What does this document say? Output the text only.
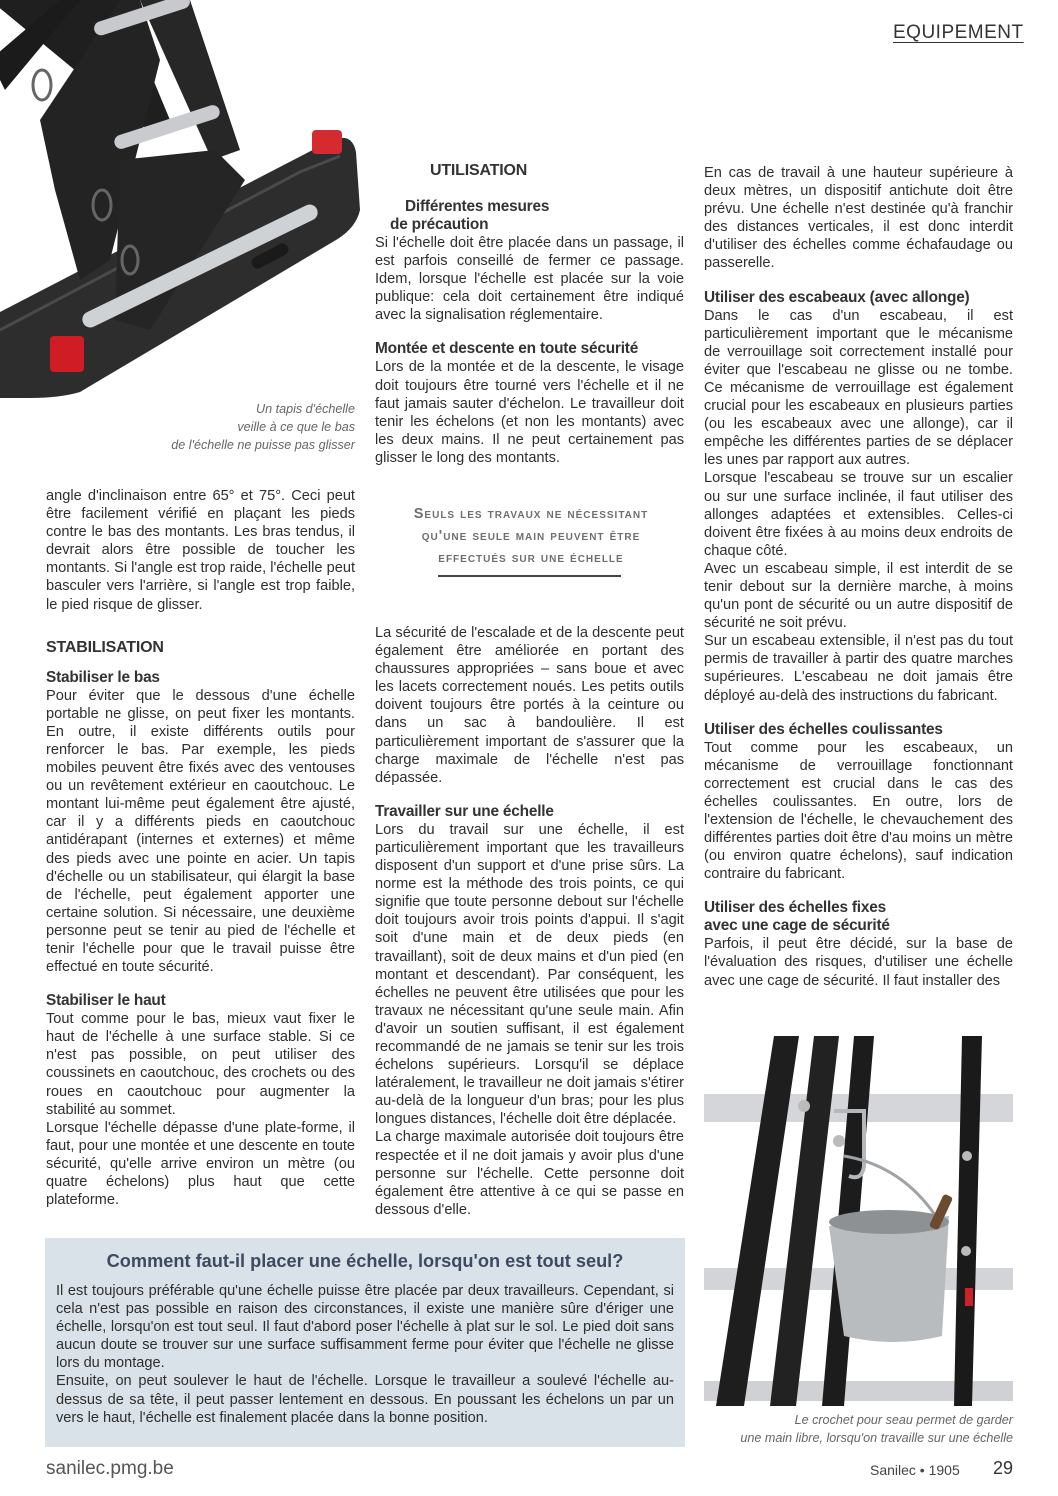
EQUIPEMENT
Un tapis d'échelle
veille à ce que le bas
de l'échelle ne puisse pas glisser

angle d'inclinaison entre 65° et 75°. Ceci peut être facilement vérifié en plaçant les pieds contre le bas des montants. Les bras tendus, il devrait alors être possible de toucher les montants. Si l'angle est trop raide, l'échelle peut basculer vers l'arrière, si l'angle est trop faible, le pied risque de glisser.

STABILISATION
Stabiliser le bas

Pour éviter que le dessous d'une échelle portable ne glisse, on peut fixer les montants. En outre, il existe différents outils pour renforcer le bas. Par exemple, les pieds mobiles peuvent être fixés avec des ventouses ou un revêtement extérieur en caoutchouc. Le montant lui-même peut également être ajusté, car il y a différents pieds en caoutchouc antidérapant (internes et externes) et même des pieds avec une pointe en acier. Un tapis d'échelle ou un stabilisateur, qui élargit la base de l'échelle, peut également apporter une certaine solution. Si nécessaire, une deuxième personne peut se tenir au pied de l'échelle et tenir l'échelle pour que le travail puisse être effectué en toute sécurité.

Stabiliser le haut

Tout comme pour le bas, mieux vaut fixer le haut de l'échelle à une surface stable. Si ce n'est pas possible, on peut utiliser des coussinets en caoutchouc, des crochets ou des roues en caoutchouc pour augmenter la stabilité au sommet.

Lorsque l'échelle dépasse d'une plate-forme, il faut, pour une montée et une descente en toute sécurité, qu'elle arrive environ un mètre (ou quatre échelons) plus haut que cette plateforme.

UTILISATION
Différentes mesures
de précaution

Si l'échelle doit être placée dans un passage, il est parfois conseillé de fermer ce passage. Idem, lorsque l'échelle est placée sur la voie publique: cela doit certainement être indiqué avec la signalisation réglementaire.

Montée et descente en toute sécurité

Lors de la montée et de la descente, le visage doit toujours être tourné vers l'échelle et il ne faut jamais sauter d'échelon. Le travailleur doit tenir les échelons (et non les montants) avec les deux mains. Il ne peut certainement pas glisser le long des montants.

Seuls les travaux ne nécessitant
qu'une seule main peuvent être
effectués sur une échelle

La sécurité de l'escalade et de la descente peut également être améliorée en portant des chaussures appropriées – sans boue et avec les lacets correctement noués. Les petits outils doivent toujours être portés à la ceinture ou dans un sac à bandoulière. Il est particulièrement important de s'assurer que la charge maximale de l'échelle n'est pas dépassée.

Travailler sur une échelle

Lors du travail sur une échelle, il est particulièrement important que les travailleurs disposent d'un support et d'une prise sûrs. La norme est la méthode des trois points, ce qui signifie que toute personne debout sur l'échelle doit toujours avoir trois points d'appui. Il s'agit soit d'une main et de deux pieds (en travaillant), soit de deux mains et d'un pied (en montant et descendant). Par conséquent, les échelles ne peuvent être utilisées que pour les travaux ne nécessitant qu'une seule main. Afin d'avoir un soutien suffisant, il est également recommandé de ne jamais se tenir sur les trois échelons supérieurs. Lorsqu'il se déplace latéralement, le travailleur ne doit jamais s'étirer au-delà de la longueur d'un bras; pour les plus longues distances, l'échelle doit être déplacée.

La charge maximale autorisée doit toujours être respectée et il ne doit jamais y avoir plus d'une personne sur l'échelle. Cette personne doit également être attentive à ce qui se passe en dessous d'elle.

En cas de travail à une hauteur supérieure à deux mètres, un dispositif antichute doit être prévu. Une échelle n'est destinée qu'à franchir des distances verticales, il est donc interdit d'utiliser des échelles comme échafaudage ou passerelle.

Utiliser des escabeaux (avec allonge)

Dans le cas d'un escabeau, il est particulièrement important que le mécanisme de verrouillage soit correctement installé pour éviter que l'escabeau ne glisse ou ne tombe. Ce mécanisme de verrouillage est également crucial pour les escabeaux en plusieurs parties (ou les escabeaux avec une allonge), car il empêche les différentes parties de se déplacer les unes par rapport aux autres.

Lorsque l'escabeau se trouve sur un escalier ou sur une surface inclinée, il faut utiliser des allonges adaptées et extensibles. Celles-ci doivent être fixées à au moins deux endroits de chaque côté.

Avec un escabeau simple, il est interdit de se tenir debout sur la dernière marche, à moins qu'un pont de sécurité ou un autre dispositif de sécurité ne soit prévu.

Sur un escabeau extensible, il n'est pas du tout permis de travailler à partir des quatre marches supérieures. L'escabeau ne doit jamais être déployé au-delà des instructions du fabricant.

Utiliser des échelles coulissantes

Tout comme pour les escabeaux, un mécanisme de verrouillage fonctionnant correctement est crucial dans le cas des échelles coulissantes. En outre, lors de l'extension de l'échelle, le chevauchement des différentes parties doit être d'au moins un mètre (ou environ quatre échelons), sauf indication contraire du fabricant.

Utiliser des échelles fixes
avec une cage de sécurité

Parfois, il peut être décidé, sur la base de l'évaluation des risques, d'utiliser une échelle avec une cage de sécurité. Il faut installer des

Le crochet pour seau permet de garder
une main libre, lorsqu'on travaille sur une échelle
Comment faut-il placer une échelle, lorsqu'on est tout seul?

Il est toujours préférable qu'une échelle puisse être placée par deux travailleurs. Cependant, si cela n'est pas possible en raison des circonstances, il existe une manière sûre d'ériger une échelle, lorsqu'on est tout seul. Il faut d'abord poser l'échelle à plat sur le sol. Le pied doit sans aucun doute se trouver sur une surface suffisamment ferme pour éviter que l'échelle ne glisse lors du montage.

Ensuite, on peut soulever le haut de l'échelle. Lorsque le travailleur a soulevé l'échelle au-dessus de sa tête, il peut passer lentement en dessous. En poussant les échelons un par un vers le haut, l'échelle est finalement placée dans la bonne position.

sanilec.pmg.be	Sanilec • 1905 29
